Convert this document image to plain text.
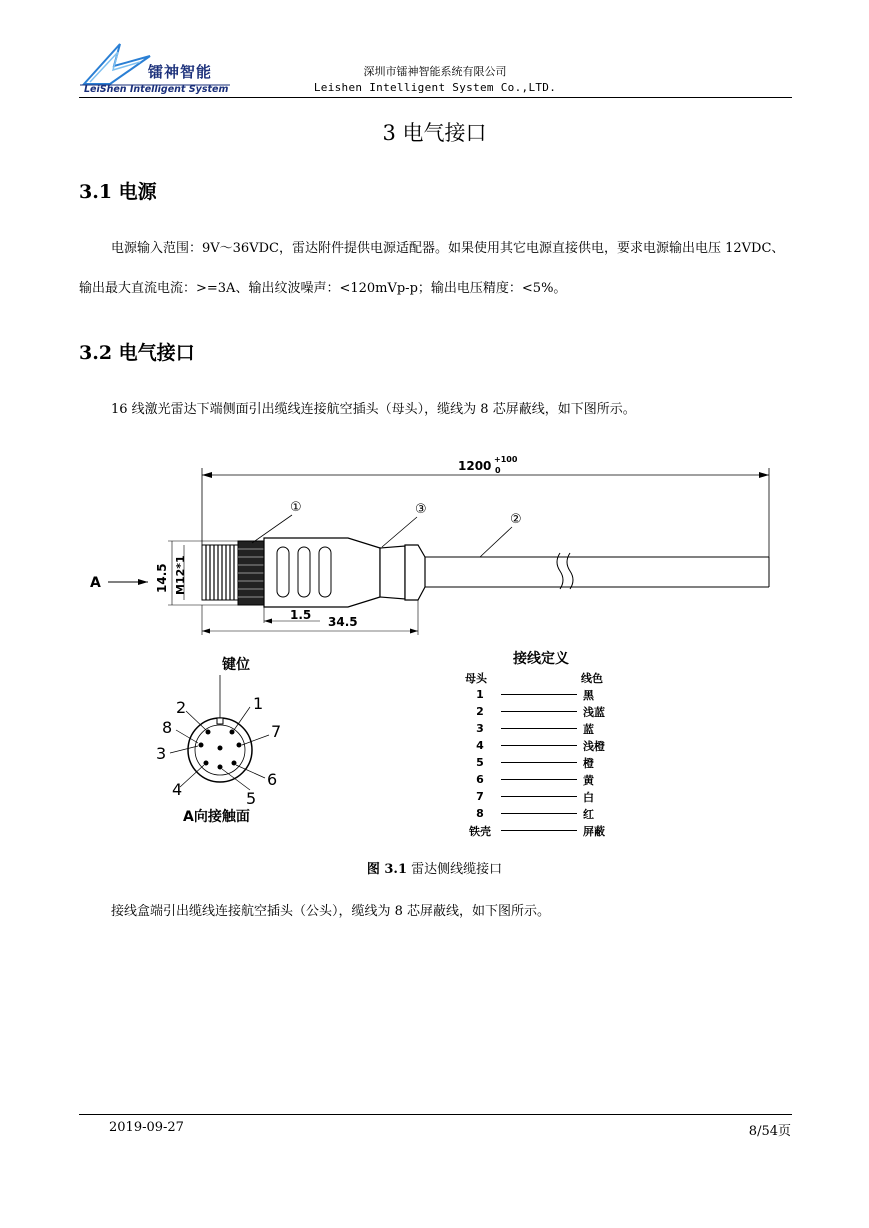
镭神智能
LeiShen Intelligent System
深圳市镭神智能系统有限公司
Leishen Intelligent System Co.,LTD.
3 电气接口
3.1 电源
电源输入范围：9V～36VDC，雷达附件提供电源适配器。如果使用其它电源直接供电，要求电源输出电压 12VDC、输出最大直流电流：>=3A、输出纹波噪声：<120mVp-p；输出电压精度：<5%。
3.2 电气接口
16 线激光雷达下端侧面引出缆线连接航空插头（母头），缆线为 8 芯屏蔽线，如下图所示。
1200 +100
0
①	③
②
A	14.5 M12*1
1.5 34.5
键位
1
2
3
4	5
6
7
8
A向接触面
接线定义
母头	线色
1	黑
2	浅蓝
3	蓝
4	浅橙
5	橙
6	黄
7	白
8	红
铁壳	屏蔽
图 3.1 雷达侧线缆接口
接线盒端引出缆线连接航空插头（公头），缆线为 8 芯屏蔽线，如下图所示。
2019-09-27	8/54页
